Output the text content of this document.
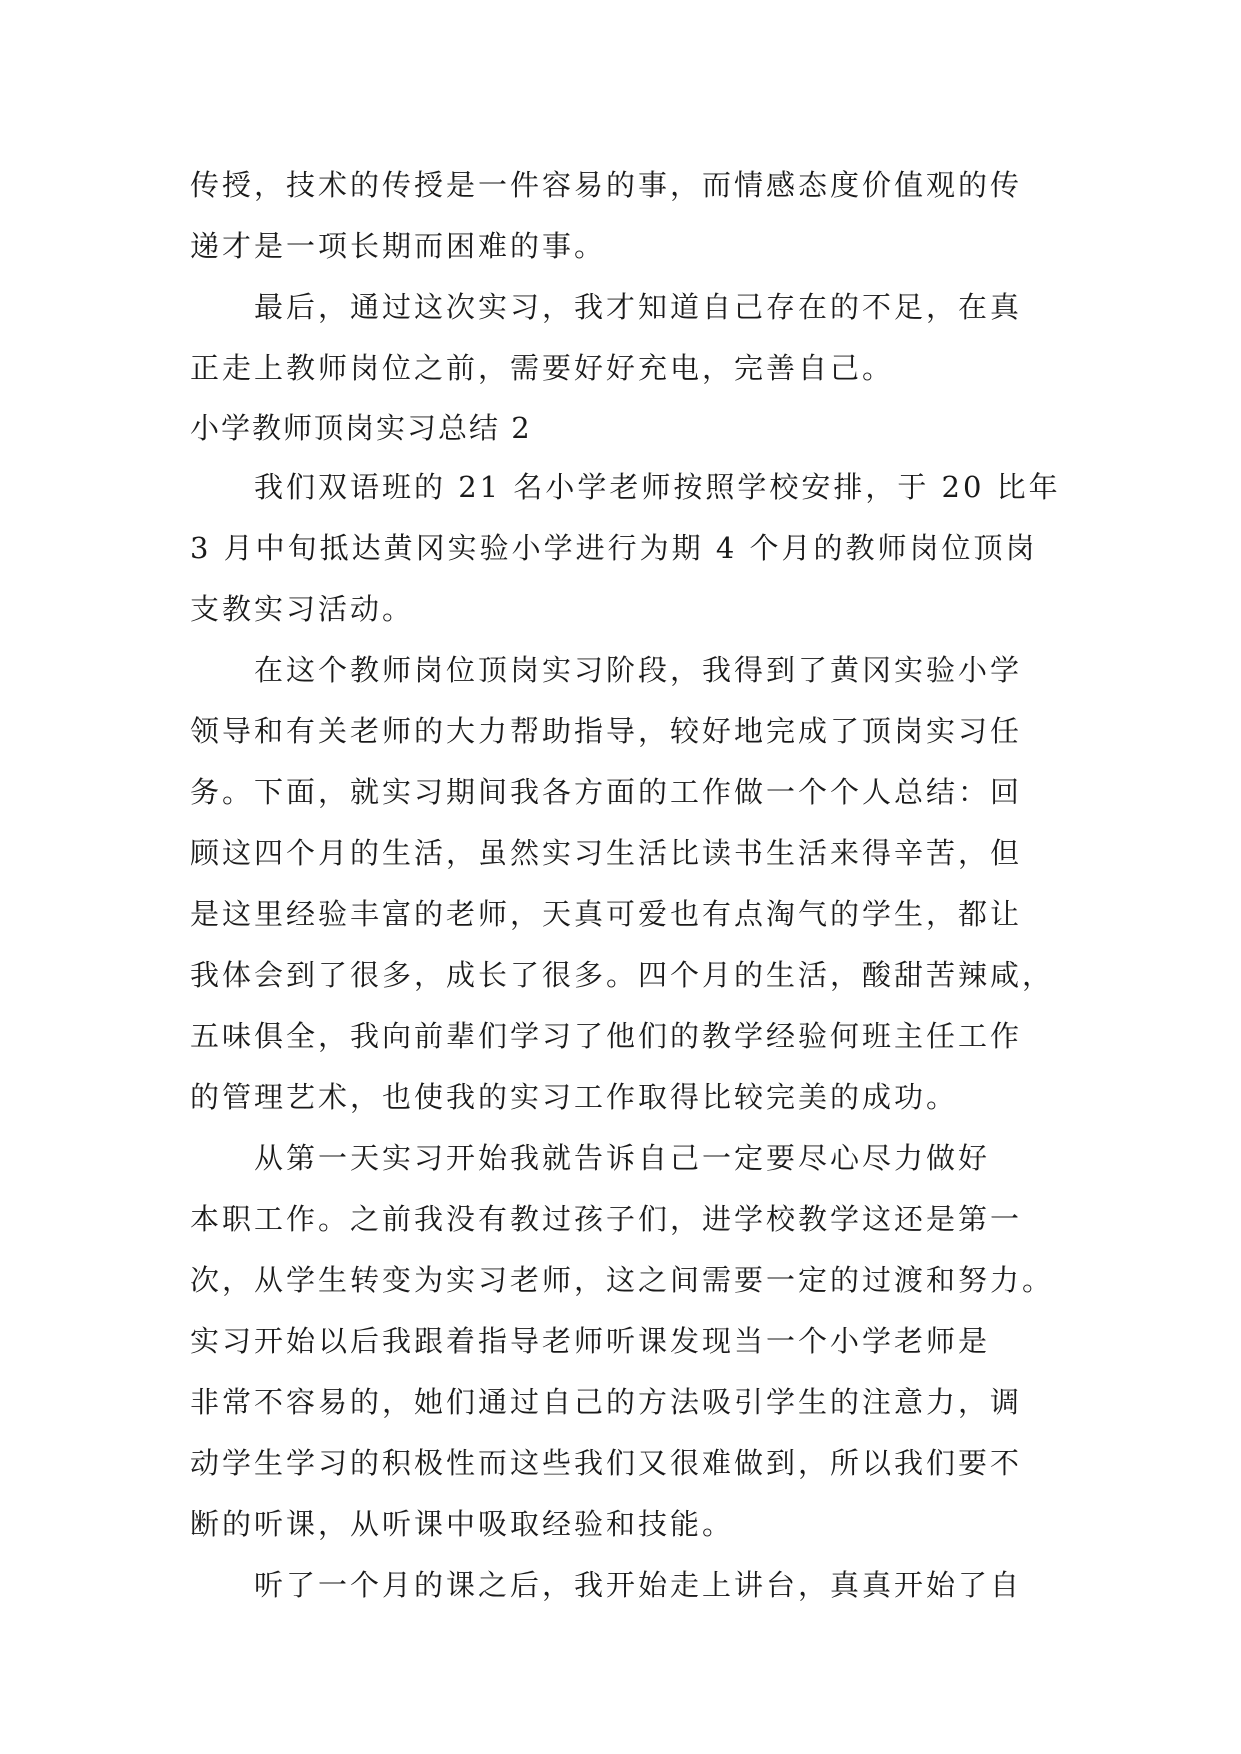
传授，技术的传授是一件容易的事，而情感态度价值观的传
递才是一项长期而困难的事。
最后，通过这次实习，我才知道自己存在的不足，在真
正走上教师岗位之前，需要好好充电，完善自己。
小学教师顶岗实习总结 2
我们双语班的 21 名小学老师按照学校安排，于 20 比年
3 月中旬抵达黄冈实验小学进行为期 4 个月的教师岗位顶岗
支教实习活动。
在这个教师岗位顶岗实习阶段，我得到了黄冈实验小学
领导和有关老师的大力帮助指导，较好地完成了顶岗实习任
务。下面，就实习期间我各方面的工作做一个个人总结：回
顾这四个月的生活，虽然实习生活比读书生活来得辛苦，但
是这里经验丰富的老师，天真可爱也有点淘气的学生，都让
我体会到了很多，成长了很多。四个月的生活，酸甜苦辣咸，
五味俱全，我向前辈们学习了他们的教学经验何班主任工作
的管理艺术，也使我的实习工作取得比较完美的成功。
从第一天实习开始我就告诉自己一定要尽心尽力做好
本职工作。之前我没有教过孩子们，进学校教学这还是第一
次，从学生转变为实习老师，这之间需要一定的过渡和努力。
实习开始以后我跟着指导老师听课发现当一个小学老师是
非常不容易的，她们通过自己的方法吸引学生的注意力，调
动学生学习的积极性而这些我们又很难做到，所以我们要不
断的听课，从听课中吸取经验和技能。
听了一个月的课之后，我开始走上讲台，真真开始了自
